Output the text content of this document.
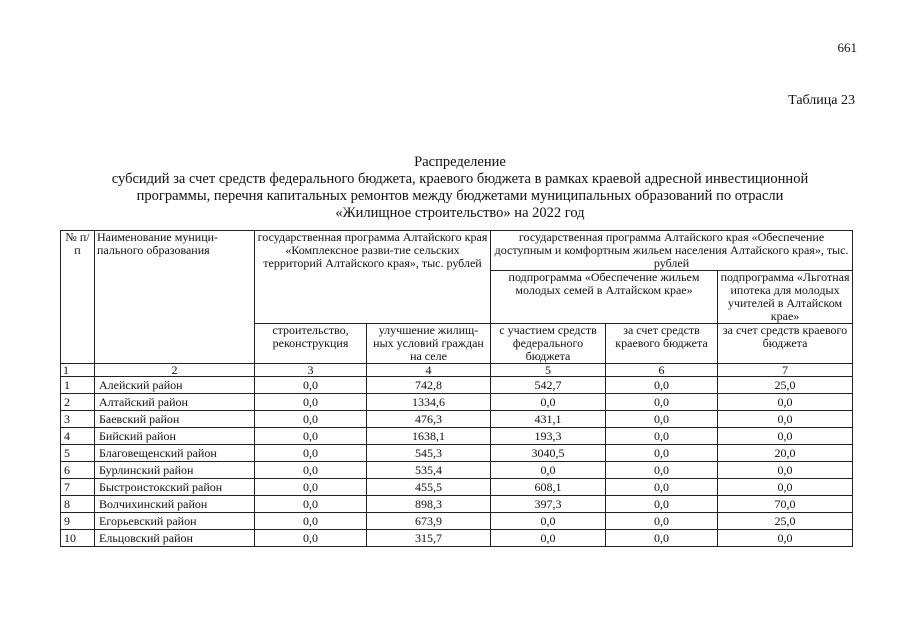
661
Таблица 23
Распределение
субсидий за счет средств федерального бюджета, краевого бюджета в рамках краевой адресной инвестиционной
программы, перечня капитальных ремонтов между бюджетами муниципальных образований по отрасли
«Жилищное строительство» на 2022 год
№ п/п	Наименование муници-пального образования	государственная программа Алтайского края «Комплексное разви-тие сельских территорий Алтайского края», тыс. рублей		государственная программа Алтайского края «Обеспечение доступным и комфортным жильем населения Алтайского края», тыс. рублей		
				подпрограмма «Обеспечение жильем молодых семей в Алтайском крае»		подпрограмма «Льготная ипотека для молодых учителей в Алтайском крае»
		строительство, реконструкция	улучшение жилищ-ных условий граждан на селе	с участием средств федерального бюджета	за счет средств краевого бюджета	за счет средств краевого бюджета
1	2	3	4	5	6	7
1	Алейский район	0,0	742,8	542,7	0,0	25,0
2	Алтайский район	0,0	1334,6	0,0	0,0	0,0
3	Баевский район	0,0	476,3	431,1	0,0	0,0
4	Бийский район	0,0	1638,1	193,3	0,0	0,0
5	Благовещенский район	0,0	545,3	3040,5	0,0	20,0
6	Бурлинский район	0,0	535,4	0,0	0,0	0,0
7	Быстроистокский район	0,0	455,5	608,1	0,0	0,0
8	Волчихинский район	0,0	898,3	397,3	0,0	70,0
9	Егорьевский район	0,0	673,9	0,0	0,0	25,0
10	Ельцовский район	0,0	315,7	0,0	0,0	0,0
